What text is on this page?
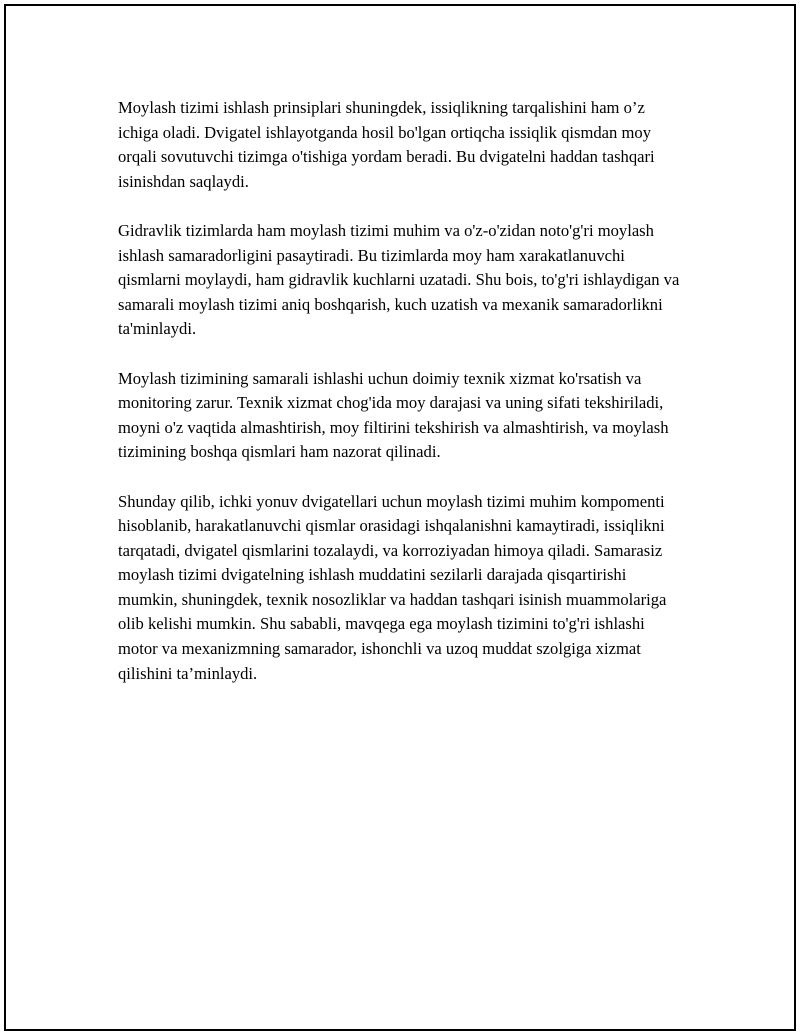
Moylash tizimi ishlash prinsiplari shuningdek, issiqlikning tarqalishini ham o’z ichiga oladi. Dvigatel ishlayotganda hosil bo'lgan ortiqcha issiqlik qismdan moy orqali sovutuvchi tizimga o'tishiga yordam beradi. Bu dvigatelni haddan tashqari isinishdan saqlaydi.

Gidravlik tizimlarda ham moylash tizimi muhim va o'z-o'zidan noto'g'ri moylash ishlash samaradorligini pasaytiradi. Bu tizimlarda moy ham xarakatlanuvchi qismlarni moylaydi, ham gidravlik kuchlarni uzatadi. Shu bois, to'g'ri ishlaydigan va samarali moylash tizimi aniq boshqarish, kuch uzatish va mexanik samaradorlikni ta'minlaydi.

Moylash tizimining samarali ishlashi uchun doimiy texnik xizmat ko'rsatish va monitoring zarur. Texnik xizmat chog'ida moy darajasi va uning sifati tekshiriladi, moyni o'z vaqtida almashtirish, moy filtirini tekshirish va almashtirish, va moylash tizimining boshqa qismlari ham nazorat qilinadi.

Shunday qilib, ichki yonuv dvigatellari uchun moylash tizimi muhim kompomenti hisoblanib, harakatlanuvchi qismlar orasidagi ishqalanishni kamaytiradi, issiqlikni tarqatadi, dvigatel qismlarini tozalaydi, va korroziyadan himoya qiladi. Samarasiz moylash tizimi dvigatelning ishlash muddatini sezilarli darajada qisqartirishi mumkin, shuningdek, texnik nosozliklar va haddan tashqari isinish muammolariga olib kelishi mumkin. Shu sababli, mavqega ega moylash tizimini to'g'ri ishlashi motor va mexanizmning samarador, ishonchli va uzoq muddat szolgiga xizmat qilishini ta’minlaydi.
